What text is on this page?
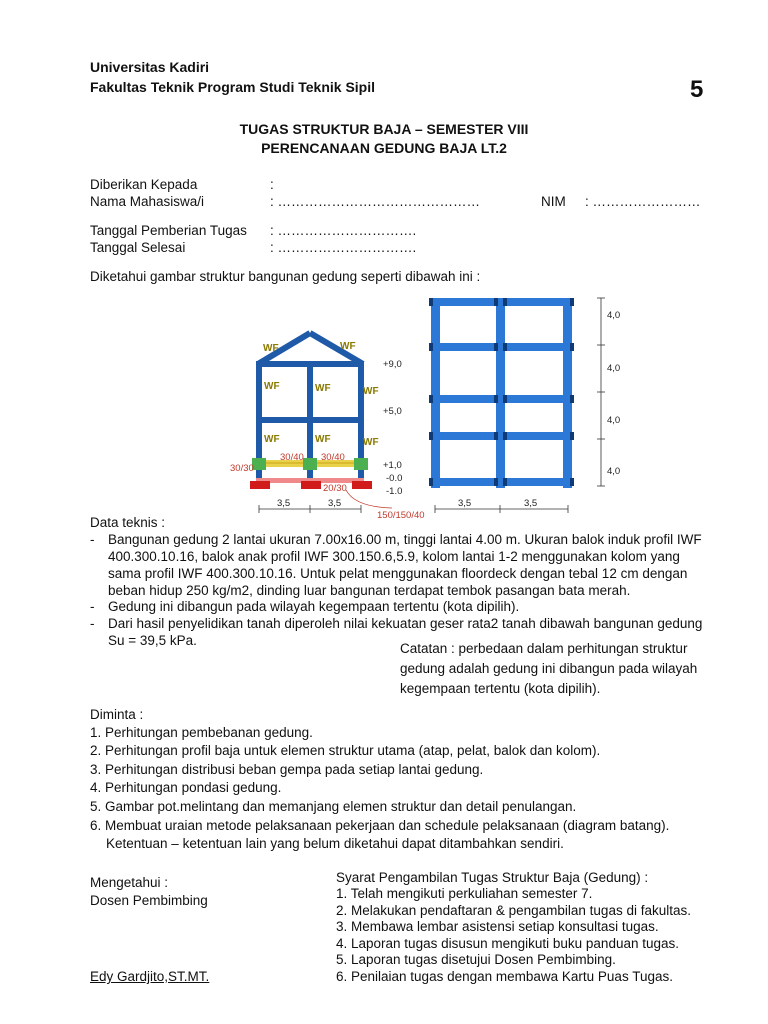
Universitas Kadiri
Fakultas Teknik Program Studi Teknik Sipil	5
TUGAS STRUKTUR BAJA – SEMESTER VIII
PERENCANAAN GEDUNG BAJA LT.2
Diberikan Kepada	:
Nama Mahasiswa/i	: ………………………………………	NIM : ……………………
Tanggal Pemberian Tugas : ………………………….
Tanggal Selesai	: ………………………….
Diketahui gambar struktur bangunan gedung seperti dibawah ini :
WF	WF
WF	WF	WF
WF	WF	WF
30/40 30/40
30/30
20/30
150/150/40
+9,0
+5,0
+1,0
-0.0
-1.0
3,5	3,5
4,0
4,0
4,0
4,0
3,5	3,5
Data teknis :
- Bangunan gedung 2 lantai ukuran 7.00x16.00 m, tinggi lantai 4.00 m. Ukuran balok induk profil IWF
400.300.10.16, balok anak profil IWF 300.150.6,5.9, kolom lantai 1-2 menggunakan kolom yang
sama profil IWF 400.300.10.16. Untuk pelat menggunakan floordeck dengan tebal 12 cm dengan
beban hidup 250 kg/m2, dinding luar bangunan terdapat tembok pasangan bata merah.
- Gedung ini dibangun pada wilayah kegempaan tertentu (kota dipilih).
- Dari hasil penyelidikan tanah diperoleh nilai kekuatan geser rata2 tanah dibawah bangunan gedung
Su = 39,5 kPa.
Catatan : perbedaan dalam perhitungan struktur
gedung adalah gedung ini dibangun pada wilayah
kegempaan tertentu (kota dipilih).
Diminta :
1. Perhitungan pembebanan gedung.
2. Perhitungan profil baja untuk elemen struktur utama (atap, pelat, balok dan kolom).
3. Perhitungan distribusi beban gempa pada setiap lantai gedung.
4. Perhitungan pondasi gedung.
5. Gambar pot.melintang dan memanjang elemen struktur dan detail penulangan.
6. Membuat uraian metode pelaksanaan pekerjaan dan schedule pelaksanaan (diagram batang).
Ketentuan – ketentuan lain yang belum diketahui dapat ditambahkan sendiri.
Mengetahui :
Dosen Pembimbing
Edy Gardjito,ST.MT.
Syarat Pengambilan Tugas Struktur Baja (Gedung) :
1. Telah mengikuti perkuliahan semester 7.
2. Melakukan pendaftaran & pengambilan tugas di fakultas.
3. Membawa lembar asistensi setiap konsultasi tugas.
4. Laporan tugas disusun mengikuti buku panduan tugas.
5. Laporan tugas disetujui Dosen Pembimbing.
6. Penilaian tugas dengan membawa Kartu Puas Tugas.
